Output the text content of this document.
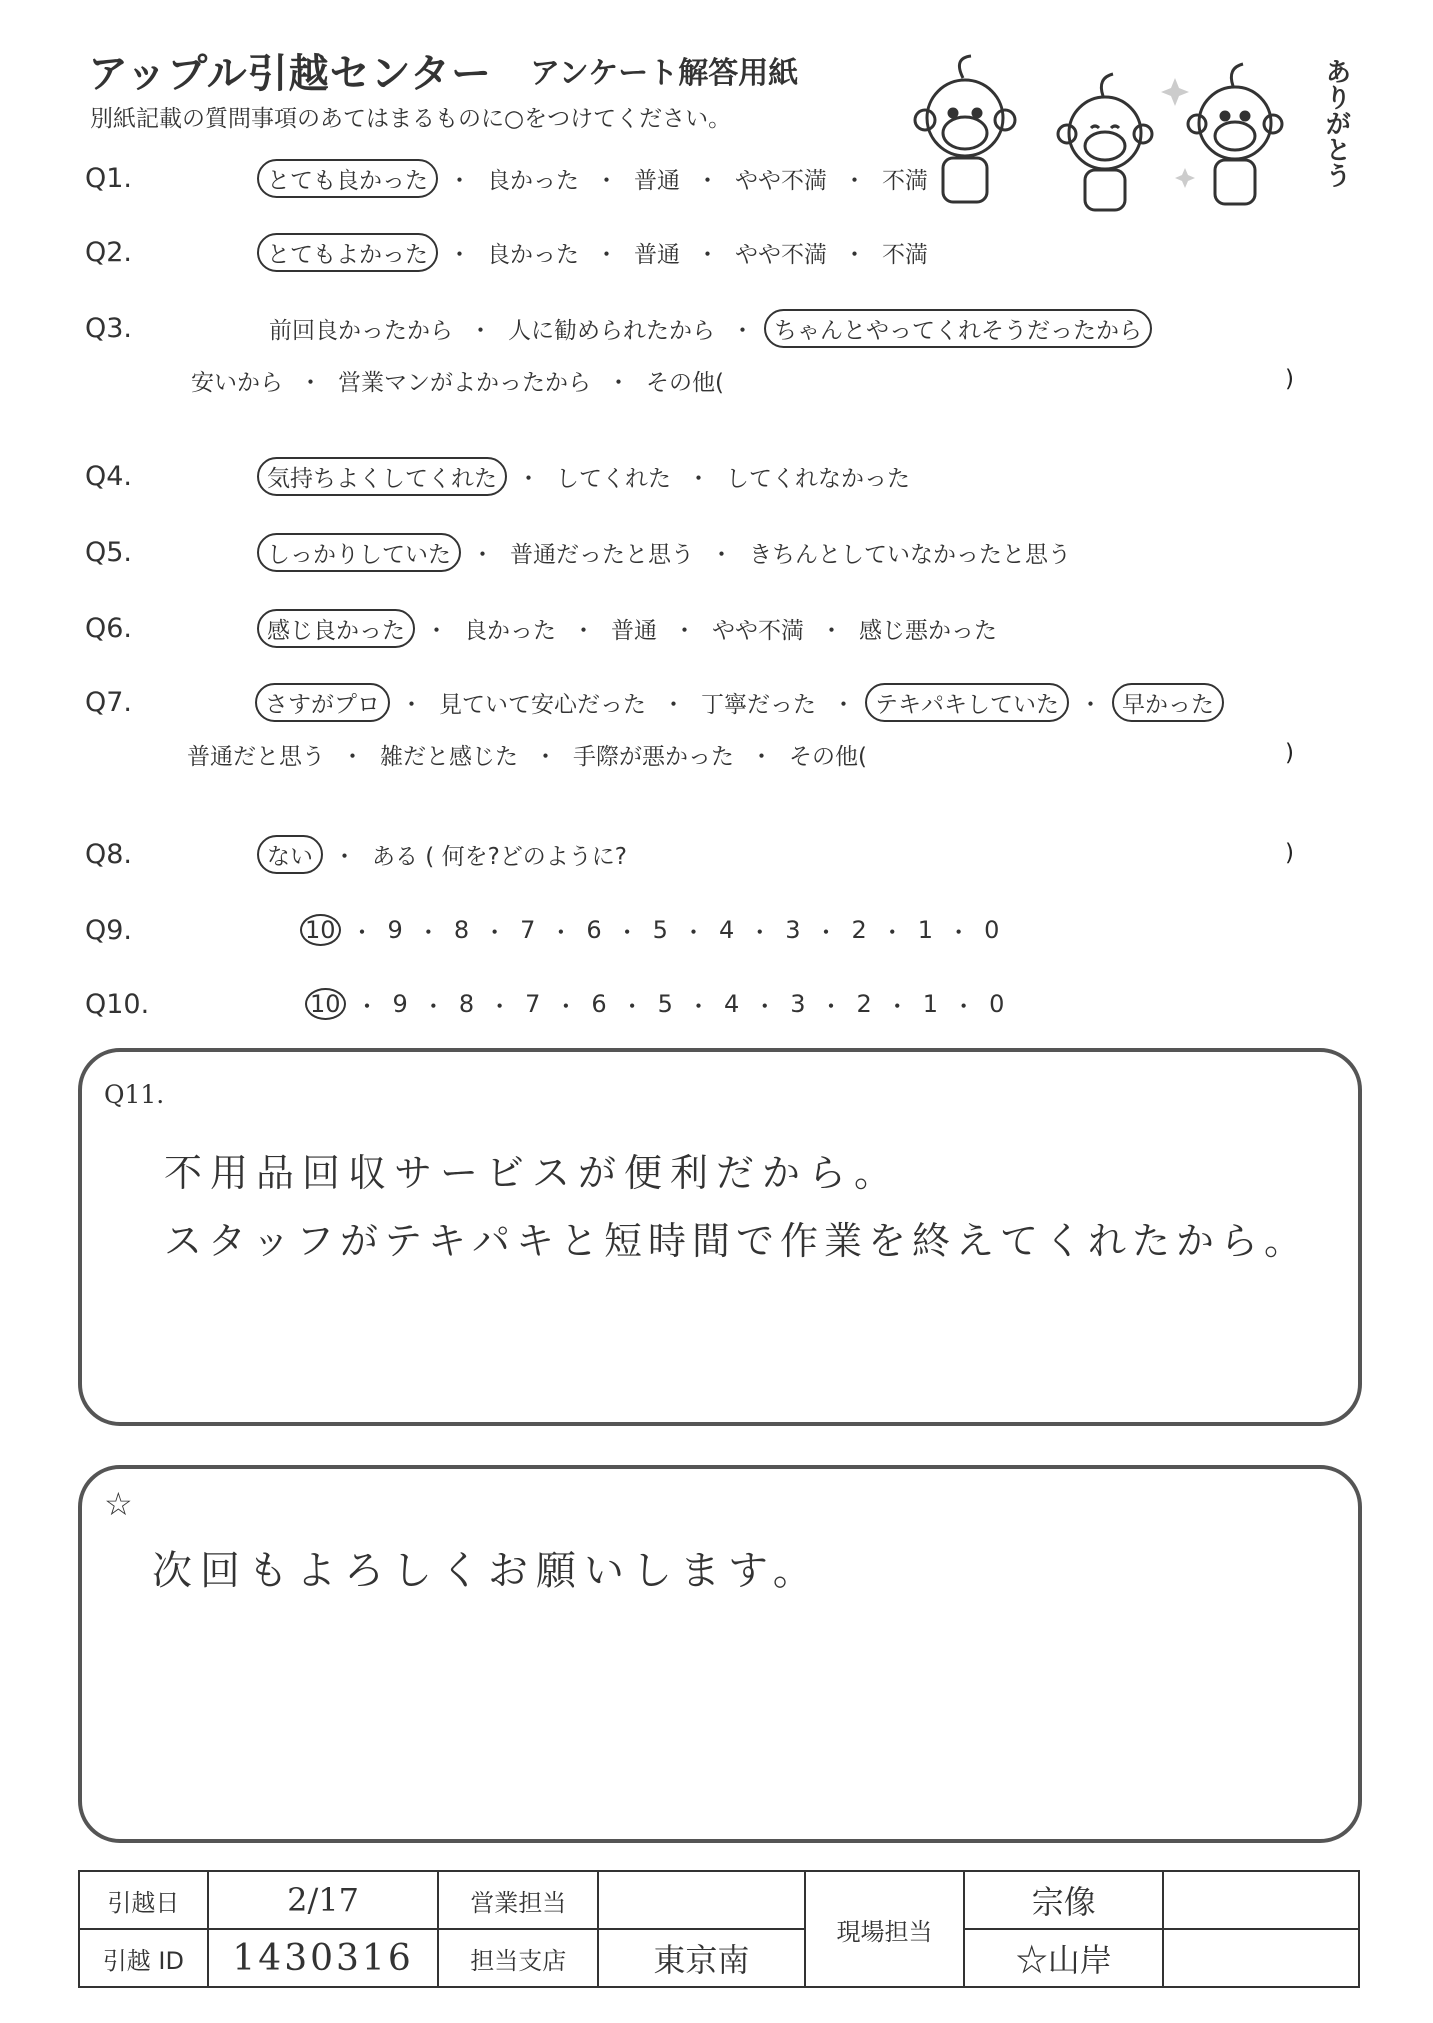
アップル引越センター アンケート解答用紙
別紙記載の質問事項のあてはまるものに○をつけてください。	ありがとう
Q1.	とても良かった ・ 良かった ・ 普通 ・ やや不満 ・ 不満
Q2.	とてもよかった ・ 良かった ・ 普通 ・ やや不満 ・ 不満
Q3.	前回良かったから ・ 人に勧められたから ・ ちゃんとやってくれそうだったから
安いから ・ 営業マンがよかったから ・ その他(	)
Q4.	気持ちよくしてくれた ・ してくれた ・ してくれなかった
Q5.	しっかりしていた ・ 普通だったと思う ・ きちんとしていなかったと思う
Q6.	感じ良かった ・ 良かった ・ 普通 ・ やや不満 ・ 感じ悪かった
Q7.	さすがプロ ・ 見ていて安心だった ・ 丁寧だった ・ テキパキしていた ・ 早かった
普通だと思う ・ 雑だと感じた ・ 手際が悪かった ・ その他(	)
Q8.	ない ・ ある ( 何を?どのように?	)
Q9.	10 ・ 9 ・ 8 ・ 7 ・ 6 ・ 5 ・ 4 ・ 3 ・ 2 ・ 1 ・ 0
Q10.	10 ・ 9 ・ 8 ・ 7 ・ 6 ・ 5 ・ 4 ・ 3 ・ 2 ・ 1 ・ 0
Q11.
不用品回収サービスが便利だから。
スタッフがテキパキと短時間で作業を終えてくれたから。
☆
次回もよろしくお願いします。
引越日	2/17	営業担当		現場担当	宗像	
引越 ID	1430316	担当支店	東京南		☆山岸	
